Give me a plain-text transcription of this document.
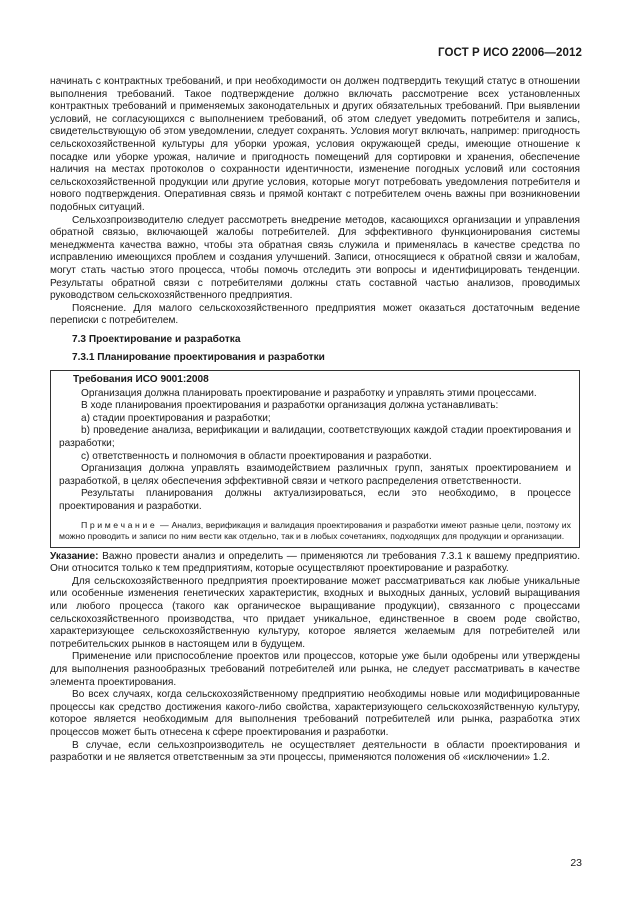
ГОСТ Р ИСО 22006—2012

начинать с контрактных требований, и при необходимости он должен подтвердить текущий статус в отношении выполнения требований. Такое подтверждение должно включать рассмотрение всех установленных контрактных требований и применяемых законодательных и других обязательных требований. При выявлении условий, не согласующихся с выполнением требований, об этом следует уведомить потребителя и запись, свидетельствующую об этом уведомлении, следует сохранять. Условия могут включать, например: пригодность сельскохозяйственной культуры для уборки урожая, условия окружающей среды, имеющие отношение к посадке или уборке урожая, наличие и пригодность помещений для сортировки и хранения, обеспечение наличия на местах протоколов о сохранности идентичности, изменение погодных условий или состояния сельскохозяйственной продукции или другие условия, которые могут потребовать уведомления потребителя и нового подтверждения. Оперативная связь и прямой контакт с потребителем очень важны при возникновении подобных ситуаций.

Сельхозпроизводителю следует рассмотреть внедрение методов, касающихся организации и управления обратной связью, включающей жалобы потребителей. Для эффективного функционирования системы менеджмента качества важно, чтобы эта обратная связь служила и применялась в качестве средства по исправлению имеющихся проблем и создания улучшений. Записи, относящиеся к обратной связи и жалобам, могут стать частью этого процесса, чтобы помочь отследить эти вопросы и идентифицировать тенденции. Результаты обратной связи с потребителями должны стать составной частью анализов, проводимых руководством сельскохозяйственного предприятия.

Пояснение. Для малого сельскохозяйственного предприятия может оказаться достаточным ведение переписки с потребителем.

7.3 Проектирование и разработка
7.3.1 Планирование проектирования и разработки

Требования ИСО 9001:2008

Организация должна планировать проектирование и разработку и управлять этими процессами.

В ходе планирования проектирования и разработки организация должна устанавливать:

a) стадии проектирования и разработки;

b) проведение анализа, верификации и валидации, соответствующих каждой стадии проектирования и разработки;

c) ответственность и полномочия в области проектирования и разработки.

Организация должна управлять взаимодействием различных групп, занятых проектированием и разработкой, в целях обеспечения эффективной связи и четкого распределения ответственности.

Результаты планирования должны актуализироваться, если это необходимо, в процессе проектирования и разработки.

Примечание — Анализ, верификация и валидация проектирования и разработки имеют разные цели, поэтому их можно проводить и записи по ним вести как отдельно, так и в любых сочетаниях, подходящих для продукции и организации.

Указание: Важно провести анализ и определить — применяются ли требования 7.3.1 к вашему предприятию. Они относится только к тем предприятиям, которые осуществляют проектирование и разработку.

Для сельскохозяйственного предприятия проектирование может рассматриваться как любые уникальные или особенные изменения генетических характеристик, входных и выходных данных, условий выращивания или любого процесса (такого как органическое выращивание продукции), связанного с процессами сельскохозяйственного производства, что придает уникальное, единственное в своем роде свойство, характеризующее сельскохозяйственную культуру, которое является желаемым для потребителей или потребительских рынков в настоящем или в будущем.

Применение или приспособление проектов или процессов, которые уже были одобрены или утверждены для выполнения разнообразных требований потребителей или рынка, не следует рассматривать в качестве элемента проектирования.

Во всех случаях, когда сельскохозяйственному предприятию необходимы новые или модифицированные процессы как средство достижения какого-либо свойства, характеризующего сельскохозяйственную культуру, которое является необходимым для выполнения требований потребителей или рынка, разработка этих процессов может быть отнесена к сфере проектирования и разработки.

В случае, если сельхозпроизводитель не осуществляет деятельности в области проектирования и разработки и не является ответственным за эти процессы, применяются положения об «исключении» 1.2.

23
